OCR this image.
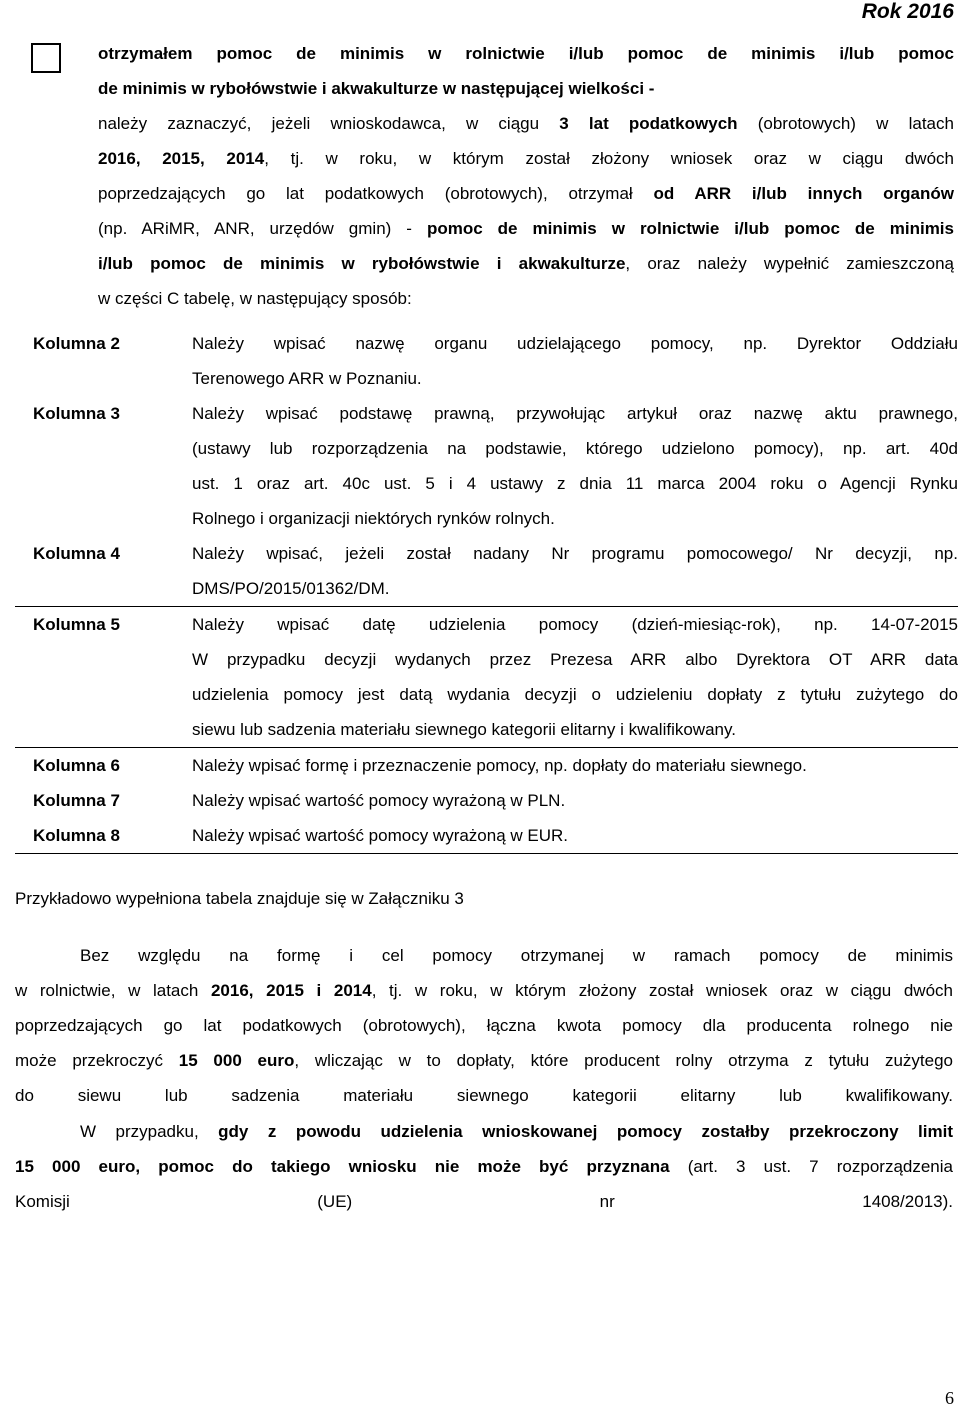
Rok 2016
otrzymałem pomoc de minimis w rolnictwie i/lub pomoc de minimis i/lub pomoc
de minimis w rybołówstwie i akwakulturze w następującej wielkości -
należy zaznaczyć, jeżeli wnioskodawca, w ciągu 3 lat podatkowych (obrotowych) w latach
2016, 2015, 2014, tj. w roku, w którym został złożony wniosek oraz w ciągu dwóch
poprzedzających go lat podatkowych (obrotowych), otrzymał od ARR i/lub innych organów
(np. ARiMR, ANR, urzędów gmin) - pomoc de minimis w rolnictwie i/lub pomoc de minimis
i/lub pomoc de minimis w rybołówstwie i akwakulturze, oraz należy wypełnić zamieszczoną
w części C tabelę, w następujący sposób:
Kolumna 2	Należy wpisać nazwę organu udzielającego pomocy, np. Dyrektor Oddziału
Terenowego ARR w Poznaniu.

Kolumna 3	Należy wpisać podstawę prawną, przywołując artykuł oraz nazwę aktu prawnego,
(ustawy lub rozporządzenia na podstawie, którego udzielono pomocy), np. art. 40d
ust. 1 oraz art. 40c ust. 5 i 4 ustawy z dnia 11 marca 2004 roku o Agencji Rynku
Rolnego i organizacji niektórych rynków rolnych.

Kolumna 4	Należy wpisać, jeżeli został nadany Nr programu pomocowego/ Nr decyzji, np.
DMS/PO/2015/01362/DM.

Kolumna 5	Należy wpisać datę udzielenia pomocy (dzień-miesiąc-rok), np. 14-07-2015
W przypadku decyzji wydanych przez Prezesa ARR albo Dyrektora OT ARR data
udzielenia pomocy jest datą wydania decyzji o udzieleniu dopłaty z tytułu zużytego do
siewu lub sadzenia materiału siewnego kategorii elitarny i kwalifikowany.

Kolumna 6	Należy wpisać formę i przeznaczenie pomocy, np. dopłaty do materiału siewnego.

Kolumna 7	Należy wpisać wartość pomocy wyrażoną w PLN.

Kolumna 8	Należy wpisać wartość pomocy wyrażoną w EUR.
Przykładowo wypełniona tabela znajduje się w Załączniku 3
Bez względu na formę i cel pomocy otrzymanej w ramach pomocy de minimis
w rolnictwie, w latach 2016, 2015 i 2014, tj. w roku, w którym złożony został wniosek oraz w ciągu dwóch
poprzedzających go lat podatkowych (obrotowych), łączna kwota pomocy dla producenta rolnego nie
może przekroczyć 15 000 euro, wliczając w to dopłaty, które producent rolny otrzyma z tytułu zużytego
do siewu lub sadzenia materiału siewnego kategorii elitarny lub kwalifikowany.
W przypadku, gdy z powodu udzielenia wnioskowanej pomocy zostałby przekroczony limit
15 000 euro, pomoc do takiego wniosku nie może być przyznana (art. 3 ust. 7 rozporządzenia
Komisji (UE) nr 1408/2013).
6
